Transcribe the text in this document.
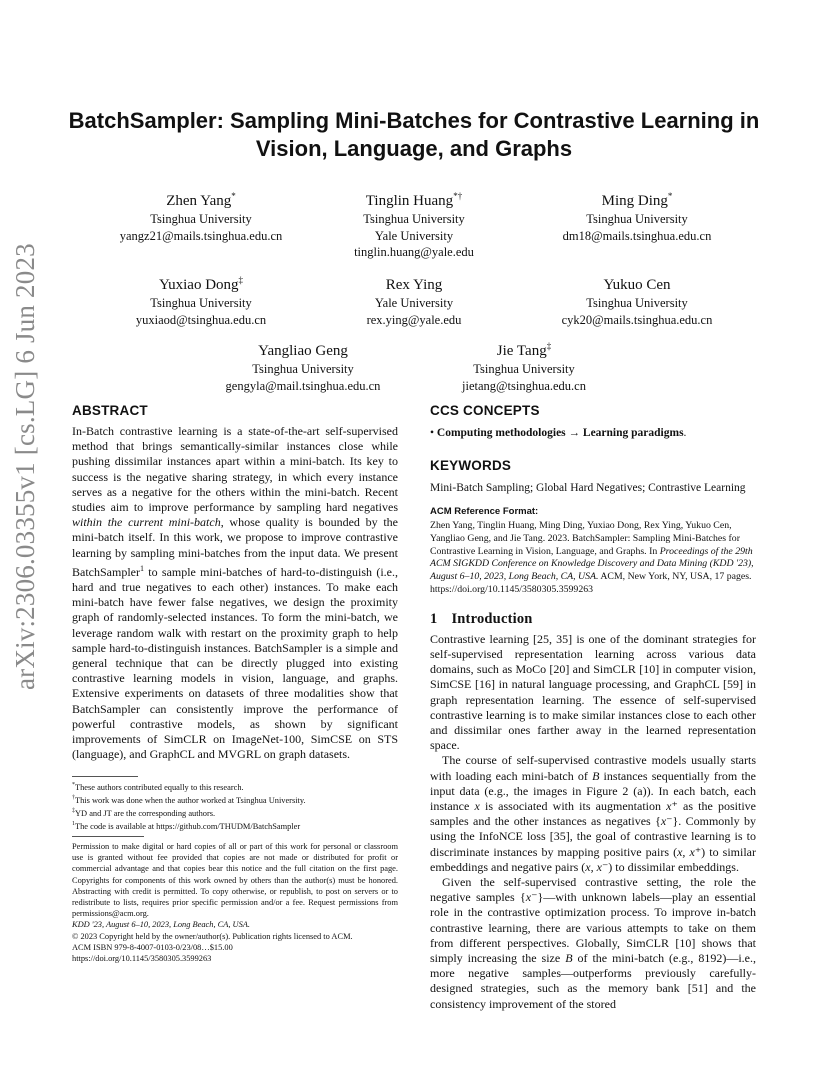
arXiv:2306.03355v1 [cs.LG] 6 Jun 2023
BatchSampler: Sampling Mini-Batches for Contrastive Learning in Vision, Language, and Graphs
Zhen Yang*
Tsinghua University
yangz21@mails.tsinghua.edu.cn
Tinglin Huang*†
Tsinghua University
Yale University
tinglin.huang@yale.edu
Ming Ding*
Tsinghua University
dm18@mails.tsinghua.edu.cn
Yuxiao Dong‡
Tsinghua University
yuxiaod@tsinghua.edu.cn
Rex Ying
Yale University
rex.ying@yale.edu
Yukuo Cen
Tsinghua University
cyk20@mails.tsinghua.edu.cn
Yangliao Geng
Tsinghua University
gengyla@mail.tsinghua.edu.cn
Jie Tang‡
Tsinghua University
jietang@tsinghua.edu.cn
ABSTRACT

In-Batch contrastive learning is a state-of-the-art self-supervised method that brings semantically-similar instances close while pushing dissimilar instances apart within a mini-batch. Its key to success is the negative sharing strategy, in which every instance serves as a negative for the others within the mini-batch. Recent studies aim to improve performance by sampling hard negatives within the current mini-batch, whose quality is bounded by the mini-batch itself. In this work, we propose to improve contrastive learning by sampling mini-batches from the input data. We present BatchSampler$^1$ to sample mini-batches of hard-to-distinguish (i.e., hard and true negatives to each other) instances. To make each mini-batch have fewer false negatives, we design the proximity graph of randomly-selected instances. To form the mini-batch, we leverage random walk with restart on the proximity graph to help sample hard-to-distinguish instances. BatchSampler is a simple and general technique that can be directly plugged into existing contrastive learning models in vision, language, and graphs. Extensive experiments on datasets of three modalities show that BatchSampler can consistently improve the performance of powerful contrastive models, as shown by significant improvements of SimCLR on ImageNet-100, SimCSE on STS (language), and GraphCL and MVGRL on graph datasets.

*These authors contributed equally to this research.
†This work was done when the author worked at Tsinghua University.
‡YD and JT are the corresponding authors.
$^1$The code is available at https://github.com/THUDM/BatchSampler

Permission to make digital or hard copies of all or part of this work for personal or classroom use is granted without fee provided that copies are not made or distributed for profit or commercial advantage and that copies bear this notice and the full citation on the first page. Copyrights for components of this work owned by others than the author(s) must be honored. Abstracting with credit is permitted. To copy otherwise, or republish, to post on servers or to redistribute to lists, requires prior specific permission and/or a fee. Request permissions from permissions@acm.org.

KDD '23, August 6–10, 2023, Long Beach, CA, USA.

© 2023 Copyright held by the owner/author(s). Publication rights licensed to ACM.

ACM ISBN 979-8-4007-0103-0/23/08…$15.00

https://doi.org/10.1145/3580305.3599263

CCS CONCEPTS
• Computing methodologies → Learning paradigms.
KEYWORDS
Mini-Batch Sampling; Global Hard Negatives; Contrastive Learning
ACM Reference Format:

Zhen Yang, Tinglin Huang, Ming Ding, Yuxiao Dong, Rex Ying, Yukuo Cen, Yangliao Geng, and Jie Tang. 2023. BatchSampler: Sampling Mini-Batches for Contrastive Learning in Vision, Language, and Graphs. In Proceedings of the 29th ACM SIGKDD Conference on Knowledge Discovery and Data Mining (KDD '23), August 6–10, 2023, Long Beach, CA, USA. ACM, New York, NY, USA, 17 pages. https://doi.org/10.1145/3580305.3599263

1 Introduction

Contrastive learning [25, 35] is one of the dominant strategies for self-supervised representation learning across various data domains, such as MoCo [20] and SimCLR [10] in computer vision, SimCSE [16] in natural language processing, and GraphCL [59] in graph representation learning. The essence of self-supervised contrastive learning is to make similar instances close to each other and dissimilar ones farther away in the learned representation space.

The course of self-supervised contrastive models usually starts with loading each mini-batch of B instances sequentially from the input data (e.g., the images in Figure 2 (a)). In each batch, each instance x is associated with its augmentation x⁺ as the positive samples and the other instances as negatives {x⁻}. Commonly by using the InfoNCE loss [35], the goal of contrastive learning is to discriminate instances by mapping positive pairs (x, x⁺) to similar embeddings and negative pairs (x, x⁻) to dissimilar embeddings.

Given the self-supervised contrastive setting, the role the negative samples {x⁻}—with unknown labels—play an essential role in the contrastive optimization process. To improve in-batch contrastive learning, there are various attempts to take on them from different perspectives. Globally, SimCLR [10] shows that simply increasing the size B of the mini-batch (e.g., 8192)—i.e., more negative samples—outperforms previously carefully-designed strategies, such as the memory bank [51] and the consistency improvement of the stored
